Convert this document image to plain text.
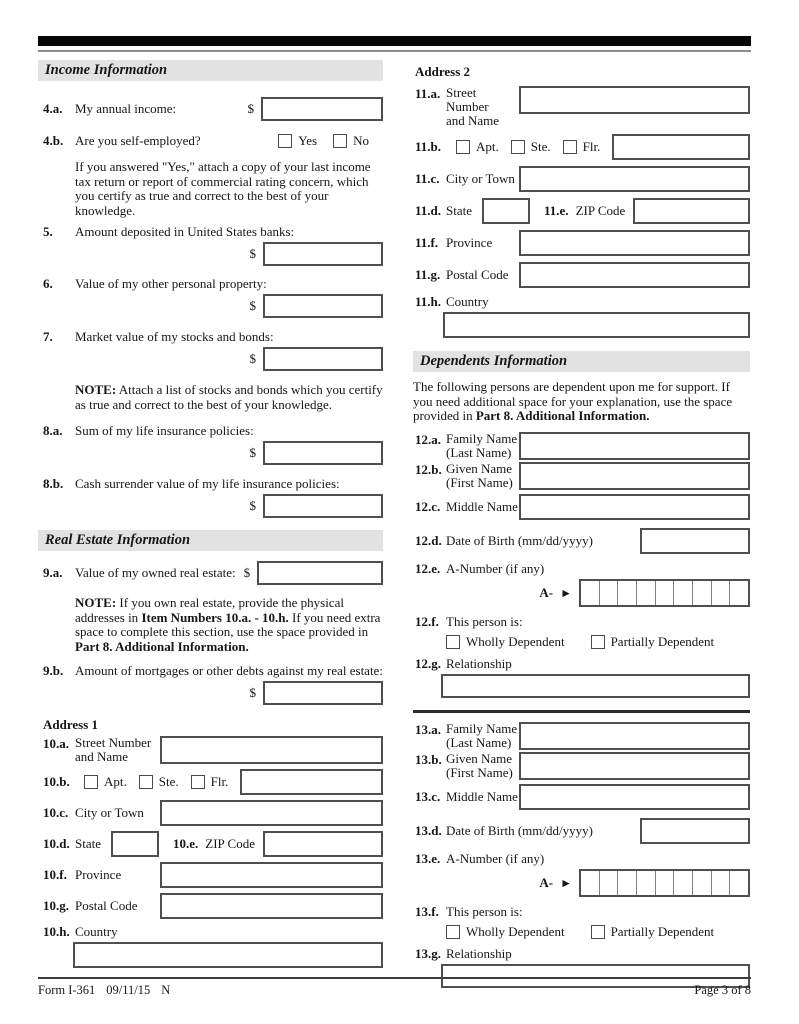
Income Information
4.a. My annual income:	$
4.b. Are you self-employed?	Yes	No
If you answered "Yes," attach a copy of your last income tax return or report of commercial rating concern, which you certify as true and correct to the best of your knowledge.
5.	Amount deposited in United States banks:
$
6.	Value of my other personal property:
$
7.	Market value of my stocks and bonds:
$
NOTE: Attach a list of stocks and bonds which you certify as true and correct to the best of your knowledge.
8.a. Sum of my life insurance policies:
$
8.b. Cash surrender value of my life insurance policies:
$
Real Estate Information
9.a. Value of my owned real estate: $
NOTE: If you own real estate, provide the physical addresses in Item Numbers 10.a. - 10.h. If you need extra space to complete this section, use the space provided in Part 8. Additional Information.
9.b. Amount of mortgages or other debts against my real estate:
$
Address 1
10.a. Street Number
and Name
10.b.	Apt. Ste. Flr.
10.c. City or Town
10.d. State	10.e. ZIP Code
10.f. Province
10.g. Postal Code
10.h. Country
Address 2
11.a. Street Number
and Name
11.b.	Apt. Ste. Flr.
11.c. City or Town
11.d. State	11.e. ZIP Code
11.f. Province
11.g. Postal Code
11.h. Country
Dependents Information
The following persons are dependent upon me for support. If you need additional space for your explanation, use the space provided in Part 8. Additional Information.
12.a. Family Name
(Last Name)
12.b. Given Name
(First Name)
12.c. Middle Name
12.d. Date of Birth (mm/dd/yyyy)
12.e. A-Number (if any)
A- ►
12.f. This person is:
Wholly Dependent	Partially Dependent
12.g. Relationship
13.a. Family Name
(Last Name)
13.b. Given Name
(First Name)
13.c. Middle Name
13.d. Date of Birth (mm/dd/yyyy)
13.e. A-Number (if any)
A- ►
13.f. This person is:
Wholly Dependent	Partially Dependent
13.g. Relationship
Form I-361 09/11/15 N	Page 3 of 8
